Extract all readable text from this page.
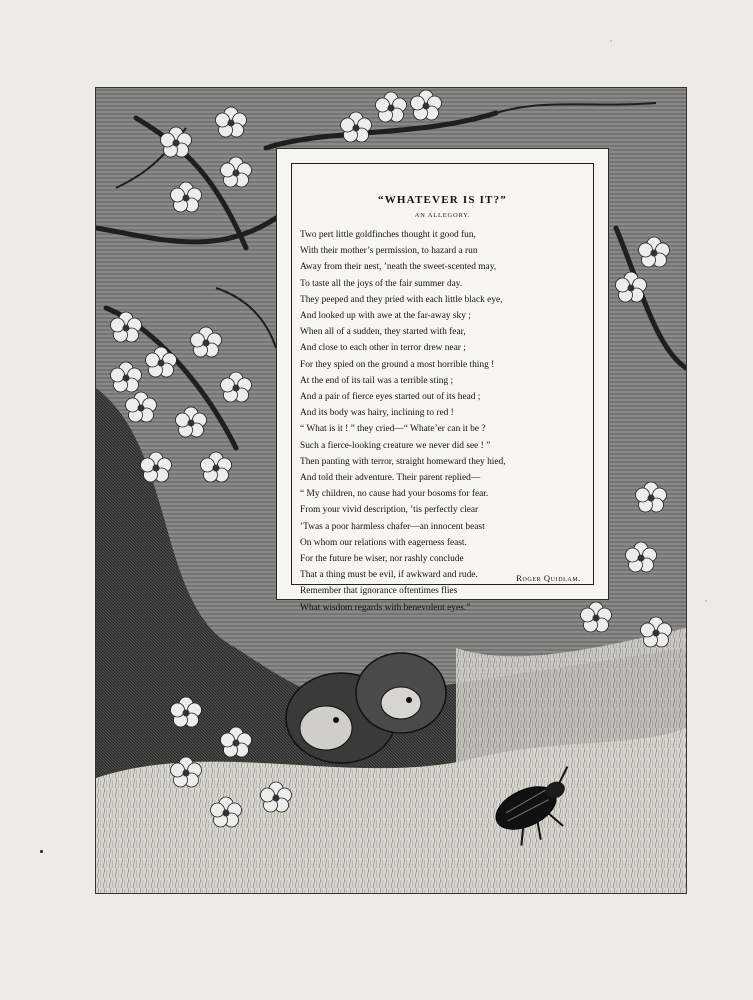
“WHATEVER IS IT?”
AN ALLEGORY.
Two pert little goldfinches thought it good fun,
With their mother’s permission, to hazard a run
Away from their nest, ’neath the sweet-scented may,
To taste all the joys of the fair summer day.
They peeped and they pried with each little black eye,
And looked up with awe at the far-away sky ;
When all of a sudden, they started with fear,
And close to each other in terror drew near ;
For they spied on the ground a most horrible thing !
At the end of its tail was a terrible sting ;
And a pair of fierce eyes started out of its head ;
And its body was hairy, inclining to red !
“ What is it ! ” they cried—“ Whate’er can it be ?
Such a fierce-looking creature we never did see ! ”
Then panting with terror, straight homeward they hied,
And told their adventure. Their parent replied—
“ My children, no cause had your bosoms for fear.
From your vivid description, ’tis perfectly clear
’Twas a poor harmless chafer—an innocent beast
On whom our relations with eagerness feast.
For the future be wiser, nor rashly conclude
That a thing must be evil, if awkward and rude.
Remember that ignorance oftentimes flies
What wisdom regards with benevolent eyes.”
Roger Quidlam.
